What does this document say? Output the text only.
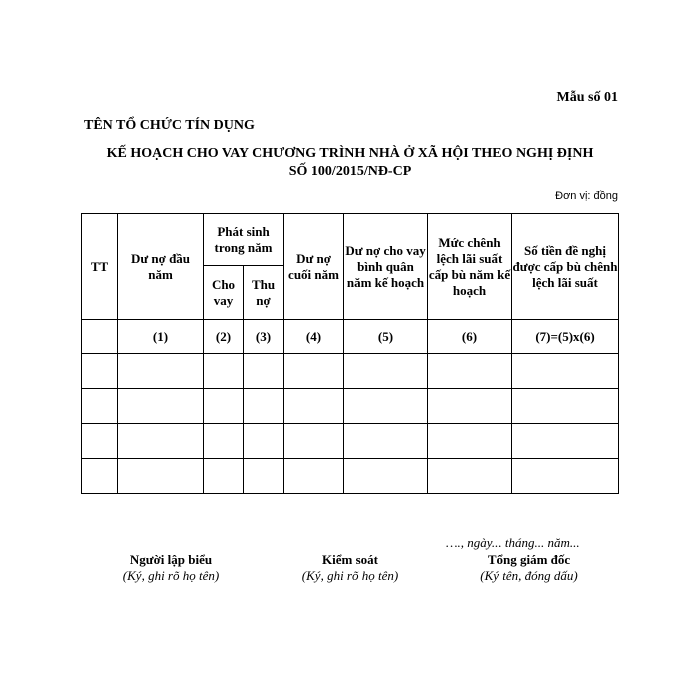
Mẫu số 01
TÊN TỔ CHỨC TÍN DỤNG
KẾ HOẠCH CHO VAY CHƯƠNG TRÌNH NHÀ Ở XÃ HỘI THEO NGHỊ ĐỊNH
SỐ 100/2015/NĐ-CP
Đơn vị: đồng
TT	Dư nợ đầu năm	Phát sinh trong năm		Dư nợ cuối năm	Dư nợ cho vay bình quân năm kế hoạch	Mức chênh lệch lãi suất cấp bù năm kế hoạch	Số tiền đề nghị được cấp bù chênh lệch lãi suất
		Cho vay	Thu nợ				
	(1)	(2)	(3)	(4)	(5)	(6)	(7)=(5)x(6)

…., ngày... tháng... năm...
Người lập biểu
(Ký, ghi rõ họ tên)
Kiểm soát
(Ký, ghi rõ họ tên)
Tổng giám đốc
(Ký tên, đóng dấu)
